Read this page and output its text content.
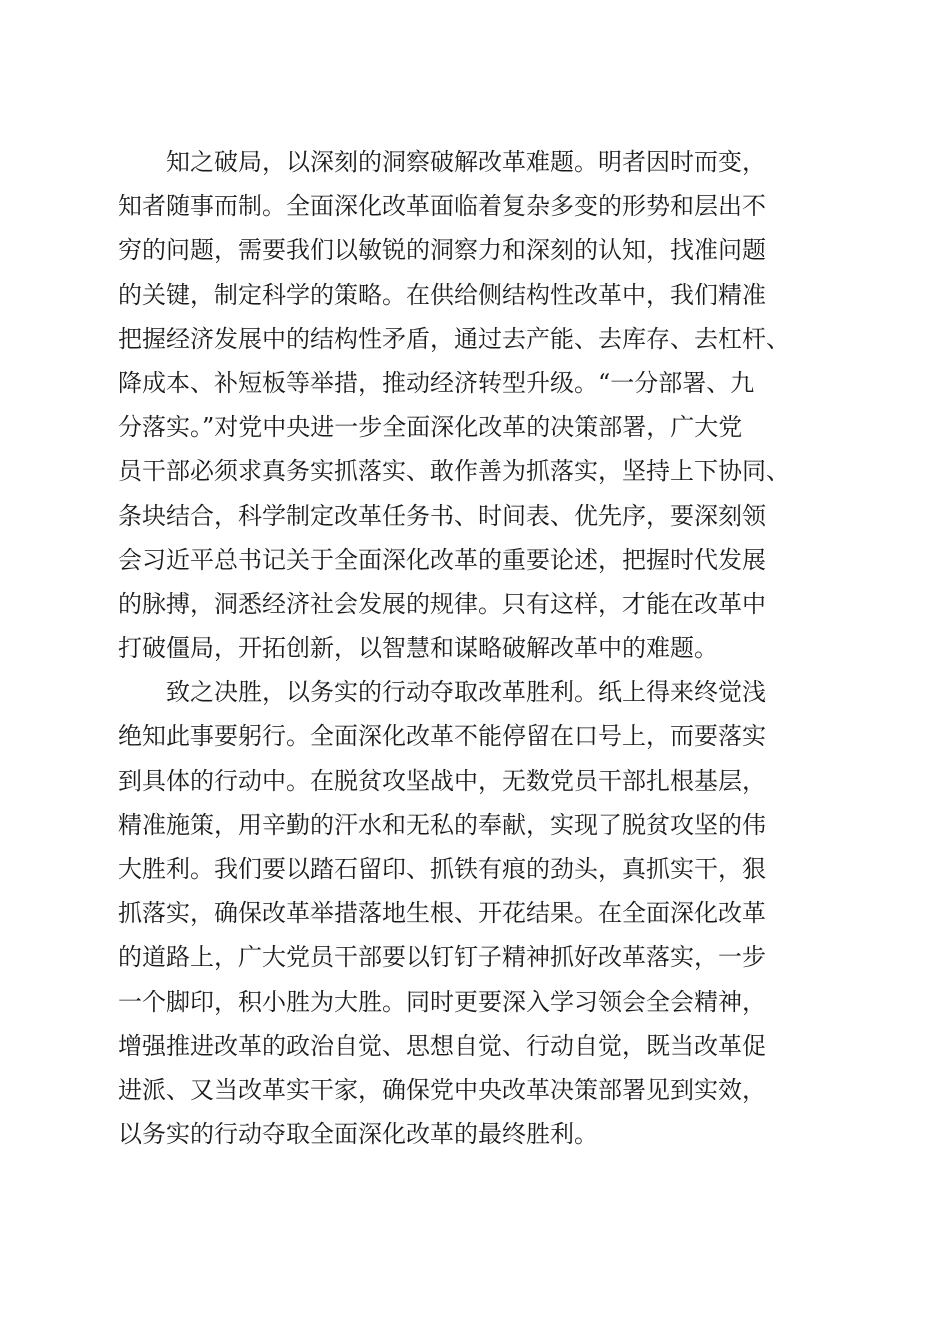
知之破局，以深刻的洞察破解改革难题。明者因时而变，
知者随事而制。全面深化改革面临着复杂多变的形势和层出不
穷的问题，需要我们以敏锐的洞察力和深刻的认知，找准问题
的关键，制定科学的策略。在供给侧结构性改革中，我们精准
把握经济发展中的结构性矛盾，通过去产能、去库存、去杠杆、
降成本、补短板等举措，推动经济转型升级。“一分部署、九
分落实。”对党中央进一步全面深化改革的决策部署，广大党
员干部必须求真务实抓落实、敢作善为抓落实，坚持上下协同、
条块结合，科学制定改革任务书、时间表、优先序，要深刻领
会习近平总书记关于全面深化改革的重要论述，把握时代发展
的脉搏，洞悉经济社会发展的规律。只有这样，才能在改革中
打破僵局，开拓创新，以智慧和谋略破解改革中的难题。
致之决胜，以务实的行动夺取改革胜利。纸上得来终觉浅
绝知此事要躬行。全面深化改革不能停留在口号上，而要落实
到具体的行动中。在脱贫攻坚战中，无数党员干部扎根基层，
精准施策，用辛勤的汗水和无私的奉献，实现了脱贫攻坚的伟
大胜利。我们要以踏石留印、抓铁有痕的劲头，真抓实干，狠
抓落实，确保改革举措落地生根、开花结果。在全面深化改革
的道路上，广大党员干部要以钉钉子精神抓好改革落实，一步
一个脚印，积小胜为大胜。同时更要深入学习领会全会精神，
增强推进改革的政治自觉、思想自觉、行动自觉，既当改革促
进派、又当改革实干家，确保党中央改革决策部署见到实效，
以务实的行动夺取全面深化改革的最终胜利。
